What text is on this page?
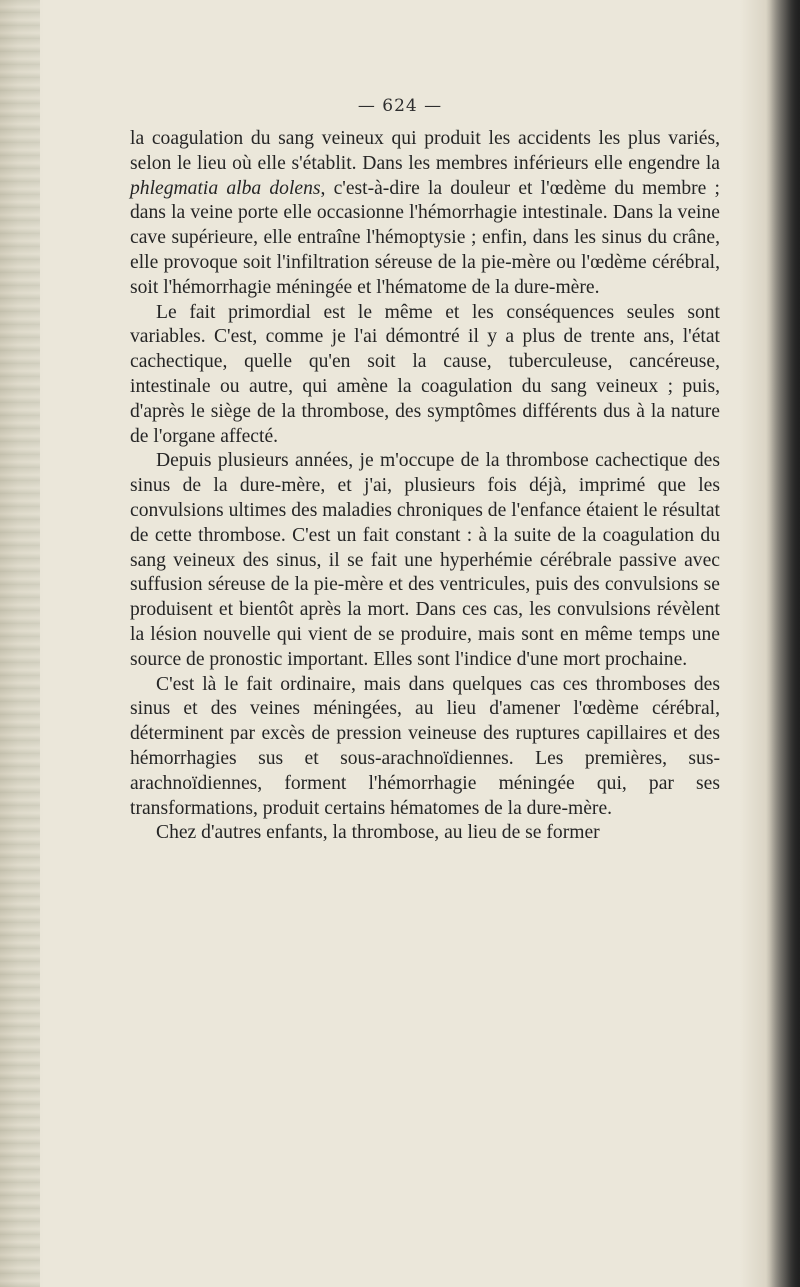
— 624 —

la coagulation du sang veineux qui produit les accidents les plus variés, selon le lieu où elle s'établit. Dans les membres inférieurs elle engendre la phlegmatia alba dolens, c'est-à-dire la douleur et l'œdème du membre ; dans la veine porte elle occasionne l'hémorrhagie intestinale. Dans la veine cave supérieure, elle entraîne l'hémoptysie ; enfin, dans les sinus du crâne, elle provoque soit l'infiltration séreuse de la pie-mère ou l'œdème cérébral, soit l'hémorrhagie méningée et l'hématome de la dure-mère.

Le fait primordial est le même et les conséquences seules sont variables. C'est, comme je l'ai démontré il y a plus de trente ans, l'état cachectique, quelle qu'en soit la cause, tuberculeuse, cancéreuse, intestinale ou autre, qui amène la coagulation du sang veineux ; puis, d'après le siège de la thrombose, des symptômes différents dus à la nature de l'organe affecté.

Depuis plusieurs années, je m'occupe de la thrombose cachectique des sinus de la dure-mère, et j'ai, plusieurs fois déjà, imprimé que les convulsions ultimes des maladies chroniques de l'enfance étaient le résultat de cette thrombose. C'est un fait constant : à la suite de la coagulation du sang veineux des sinus, il se fait une hyperhémie cérébrale passive avec suffusion séreuse de la pie-mère et des ventricules, puis des convulsions se produisent et bientôt après la mort. Dans ces cas, les convulsions révèlent la lésion nouvelle qui vient de se produire, mais sont en même temps une source de pronostic important. Elles sont l'indice d'une mort prochaine.

C'est là le fait ordinaire, mais dans quelques cas ces thromboses des sinus et des veines méningées, au lieu d'amener l'œdème cérébral, déterminent par excès de pression veineuse des ruptures capillaires et des hémorrhagies sus et sous-arachnoïdiennes. Les premières, sus-arachnoïdiennes, forment l'hémorrhagie méningée qui, par ses transformations, produit certains hématomes de la dure-mère.

Chez d'autres enfants, la thrombose, au lieu de se former
